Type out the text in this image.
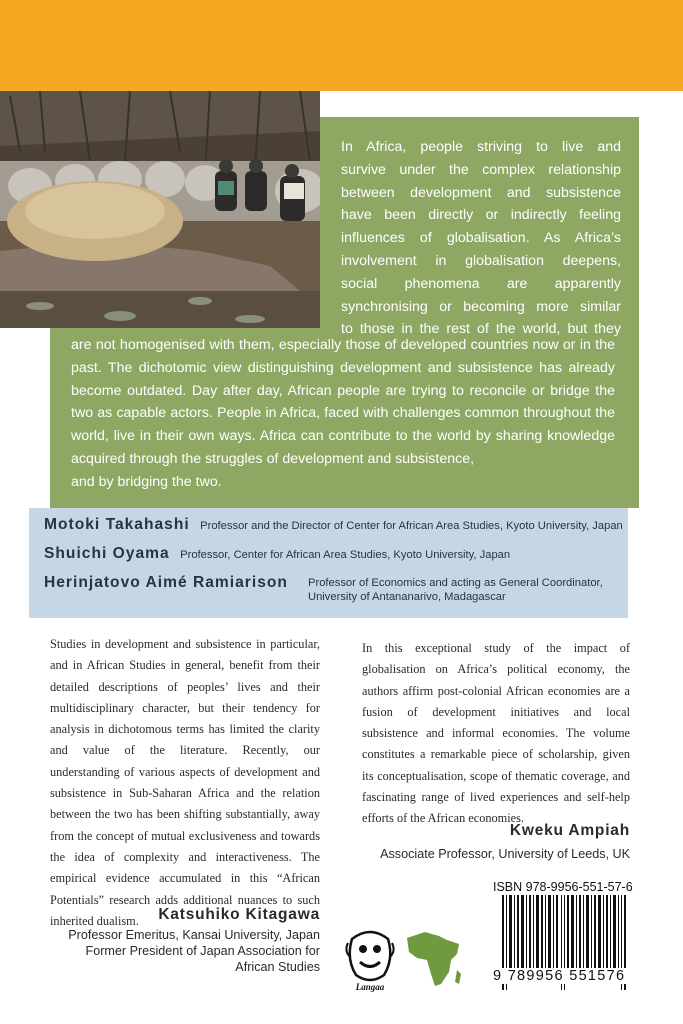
In Africa, people striving to live and
survive under the complex relationship
between development and subsistence
have been directly or indirectly feeling
influences of globalisation. As Africa’s
involvement in globalisation deepens,
social phenomena are apparently
synchronising or becoming more similar
to those in the rest of the world, but they
are not homogenised with them, especially those of developed countries now or in the past. The dichotomic view distinguishing development and subsistence has already become outdated. Day after day, African people are trying to reconcile or bridge the two as capable actors. People in Africa, faced with challenges common throughout the world, live in their own ways. Africa can contribute to the world by sharing knowledge acquired through the struggles of development and subsistence,
and by bridging the two.
Motoki Takahashi Professor and the Director of Center for African Area Studies, Kyoto University, Japan
Shuichi Oyama Professor, Center for African Area Studies, Kyoto University, Japan
Herinjatovo Aimé Ramiarison Professor of Economics and acting as General Coordinator,
University of Antananarivo, Madagascar
Studies in development and subsistence in particular, and in African Studies in general, benefit from their detailed descriptions of peoples’ lives and their multidisciplinary character, but their tendency for analysis in dichotomous terms has limited the clarity and value of the literature. Recently, our understanding of various aspects of development and subsistence in Sub-Saharan Africa and the relation between the two has been shifting substantially, away from the concept of mutual exclusiveness and towards the idea of complexity and interactiveness. The empirical evidence accumulated in this “African Potentials” research adds additional nuances to such inherited dualism.	Katsuhiko Kitagawa
Professor Emeritus, Kansai University, Japan
Former President of Japan Association for
African Studies
In this exceptional study of the impact of globalisation on Africa’s political economy, the authors affirm post-colonial African economies are a fusion of development initiatives and local subsistence and informal economies. The volume constitutes a remarkable piece of scholarship, given its conceptualisation, scope of thematic coverage, and fascinating range of lived experiences and self-help efforts of the African economies.
Kweku Ampiah
Associate Professor, University of Leeds, UK
ISBN 978-9956-551-57-6
9 789956 551576
Langaa
